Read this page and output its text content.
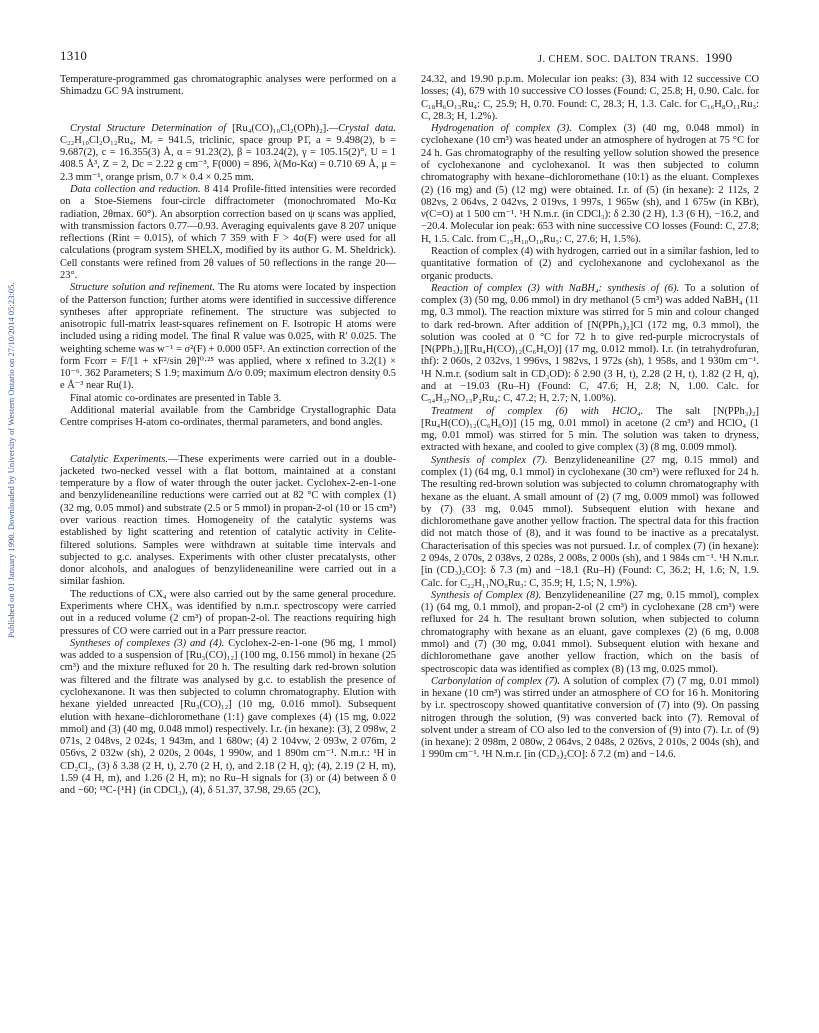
Published on 01 January 1990. Downloaded by University of Western Ontario on 27/10/2014 05:23:05.
1310	J. CHEM. SOC. DALTON TRANS. 1990

Temperature-programmed gas chromatographic analyses were performed on a Shimadzu GC 9A instrument.

Crystal Structure Determination of [Ru₄(CO)₁₀Cl₂(OPh)₂].—Crystal data. C₂₂H₁₀Cl₂O₁₂Ru₄, Mᵣ = 941.5, triclinic, space group P1̄, a = 9.498(2), b = 9.687(2), c = 16.355(3) Å, α = 91.23(2), β = 103.24(2), γ = 105.15(2)°, U = 1 408.5 Å³, Z = 2, Dc = 2.22 g cm⁻³, F(000) = 896, λ(Mo-Kα) = 0.710 69 Å, μ = 2.3 mm⁻¹, orange prism, 0.7 × 0.4 × 0.25 mm.

Data collection and reduction. 8 414 Profile-fitted intensities were recorded on a Stoe-Siemens four-circle diffractometer (monochromated Mo-Kα radiation, 2θmax. 60°). An absorption correction based on ψ scans was applied, with transmission factors 0.77—0.93. Averaging equivalents gave 8 207 unique reflections (Rint = 0.015), of which 7 359 with F > 4σ(F) were used for all calculations (program system SHELX, modified by its author G. M. Sheldrick). Cell constants were refined from 2θ values of 50 reflections in the range 20—23°.

Structure solution and refinement. The Ru atoms were located by inspection of the Patterson function; further atoms were identified in successive difference syntheses after appropriate refinement. The structure was subjected to anisotropic full-matrix least-squares refinement on F. Isotropic H atoms were included using a riding model. The final R value was 0.025, with R′ 0.025. The weighting scheme was w⁻¹ = σ²(F) + 0.000 05F². An extinction correction of the form Fcorr = F/[1 + xF²/sin 2θ]⁰·²⁵ was applied, where x refined to 3.2(1) × 10⁻⁶. 362 Parameters; S 1.9; maximum Δ/σ 0.09; maximum electron density 0.5 e Å⁻³ near Ru(1).

Final atomic co-ordinates are presented in Table 3.

Additional material available from the Cambridge Crystallographic Data Centre comprises H-atom co-ordinates, thermal parameters, and bond angles.

Catalytic Experiments.—These experiments were carried out in a double-jacketed two-necked vessel with a flat bottom, maintained at a constant temperature by a flow of water through the outer jacket. Cyclohex-2-en-1-one and benzylideneaniline reductions were carried out at 82 °C with complex (1) (32 mg, 0.05 mmol) and substrate (2.5 or 5 mmol) in propan-2-ol (10 or 15 cm³) over various reaction times. Homogeneity of the catalytic systems was established by light scattering and retention of catalytic activity in Celite-filtered solutions. Samples were withdrawn at suitable time intervals and subjected to g.c. analyses. Experiments with other cluster precatalysts, other donor alcohols, and analogues of benzylideneaniline were carried out in a similar fashion.

The reductions of CX₄ were also carried out by the same general procedure. Experiments where CHX₃ was identified by n.m.r. spectroscopy were carried out in a reduced volume (2 cm³) of propan-2-ol. The reactions requiring high pressures of CO were carried out in a Parr pressure reactor.

Syntheses of complexes (3) and (4). Cyclohex-2-en-1-one (96 mg, 1 mmol) was added to a suspension of [Ru₃(CO)₁₂] (100 mg, 0.156 mmol) in hexane (25 cm³) and the mixture refluxed for 20 h. The resulting dark red-brown solution was filtered and the filtrate was analysed by g.c. to establish the presence of cyclohexanone. It was then subjected to column chromatography. Elution with hexane yielded unreacted [Ru₃(CO)₁₂] (10 mg, 0.016 mmol). Subsequent elution with hexane–dichloromethane (1:1) gave complexes (4) (15 mg, 0.022 mmol) and (3) (40 mg, 0.048 mmol) respectively. I.r. (in hexane): (3), 2 098w, 2 071s, 2 048vs, 2 024s, 1 943m, and 1 680w; (4) 2 104vw, 2 093w, 2 076m, 2 056vs, 2 032w (sh), 2 020s, 2 004s, 1 990w, and 1 890m cm⁻¹. N.m.r.: ¹H in CD₂Cl₂, (3) δ 3.38 (2 H, t), 2.70 (2 H, t), and 2.18 (2 H, q); (4), 2.19 (2 H, m), 1.59 (4 H, m), and 1.26 (2 H, m); no Ru–H signals for (3) or (4) between δ 0 and −60; ¹³C-{¹H} (in CDCl₃), (4), δ 51.37, 37.98, 29.65 (2C),

24.32, and 19.90 p.p.m. Molecular ion peaks: (3), 834 with 12 successive CO losses; (4), 679 with 10 successive CO losses (Found: C, 25.8; H, 0.90. Calc. for C₁₈H₆O₁₃Ru₄: C, 25.9; H, 0.70. Found: C, 28.3; H, 1.3. Calc. for C₁₆H₈O₁₁Ru₃: C, 28.3; H, 1.2%).

Hydrogenation of complex (3). Complex (3) (40 mg, 0.048 mmol) in cyclohexane (10 cm³) was heated under an atmosphere of hydrogen at 75 °C for 24 h. Gas chromatography of the resulting yellow solution showed the presence of cyclohexanone and cyclohexanol. It was then subjected to column chromatography with hexane–dichloromethane (10:1) as the eluant. Complexes (2) (16 mg) and (5) (12 mg) were obtained. I.r. of (5) (in hexane): 2 112s, 2 082vs, 2 064vs, 2 042vs, 2 019vs, 1 997s, 1 965w (sh), and 1 675w (in KBr), ν(C=O) at 1 500 cm⁻¹. ¹H N.m.r. (in CDCl₃): δ 2.30 (2 H), 1.3 (6 H), −16.2, and −20.4. Molecular ion peak: 653 with nine successive CO losses (Found: C, 27.8; H, 1.5. Calc. from C₁₅H₁₀O₁₀Ru₃: C, 27.6; H, 1.5%).

Reaction of complex (4) with hydrogen, carried out in a similar fashion, led to quantitative formation of (2) and cyclohexanone and cyclohexanol as the organic products.

Reaction of complex (3) with NaBH₄: synthesis of (6). To a solution of complex (3) (50 mg, 0.06 mmol) in dry methanol (5 cm³) was added NaBH₄ (11 mg, 0.3 mmol). The reaction mixture was stirred for 5 min and colour changed to dark red-brown. After addition of [N(PPh₃)₂]Cl (172 mg, 0.3 mmol), the solution was cooled at 0 °C for 72 h to give red-purple microcrystals of [N(PPh₃)₂][Ru₄H(CO)₁₂(C₆H₆O)] (17 mg, 0.012 mmol). I.r. (in tetrahydrofuran, thf): 2 060s, 2 032vs, 1 996vs, 1 982vs, 1 972s (sh), 1 958s, and 1 930m cm⁻¹. ¹H N.m.r. (sodium salt in CD₃OD): δ 2.90 (3 H, t), 2.28 (2 H, t), 1.82 (2 H, q), and at −19.03 (Ru–H) (Found: C, 47.6; H, 2.8; N, 1.00. Calc. for C₅₄H₃₇NO₁₃P₂Ru₄: C, 47.2; H, 2.7; N, 1.00%).

Treatment of complex (6) with HClO₄. The salt [N(PPh₃)₂][Ru₄H(CO)₁₂(C₆H₆O)] (15 mg, 0.01 mmol) in acetone (2 cm³) and HClO₄ (1 mg, 0.01 mmol) was stirred for 5 min. The solution was taken to dryness, extracted with hexane, and cooled to give complex (3) (8 mg, 0.009 mmol).

Synthesis of complex (7). Benzylideneaniline (27 mg, 0.15 mmol) and complex (1) (64 mg, 0.1 mmol) in cyclohexane (30 cm³) were refluxed for 24 h. The resulting red-brown solution was subjected to column chromatography with hexane as the eluant. A small amount of (2) (7 mg, 0.009 mmol) was followed by (7) (33 mg, 0.045 mmol). Subsequent elution with hexane and dichloromethane gave another yellow fraction. The spectral data for this fraction did not match those of (8), and it was found to be inactive as a precatalyst. Characterisation of this species was not pursued. I.r. of complex (7) (in hexane): 2 094s, 2 070s, 2 038vs, 2 028s, 2 008s, 2 000s (sh), and 1 984s cm⁻¹. ¹H N.m.r. [in (CD₃)₂CO]: δ 7.3 (m) and −18.1 (Ru–H) (Found: C, 36.2; H, 1.6; N, 1.9. Calc. for C₂₂H₁₁NO₉Ru₃: C, 35.9; H, 1.5; N, 1.9%).

Synthesis of Complex (8). Benzylideneaniline (27 mg, 0.15 mmol), complex (1) (64 mg, 0.1 mmol), and propan-2-ol (2 cm³) in cyclohexane (28 cm³) were refluxed for 24 h. The resultant brown solution, when subjected to column chromatography with hexane as an eluant, gave complexes (2) (6 mg, 0.008 mmol) and (7) (30 mg, 0.041 mmol). Subsequent elution with hexane and dichloromethane gave another yellow fraction, which on the basis of spectroscopic data was identified as complex (8) (13 mg, 0.025 mmol).

Carbonylation of complex (7). A solution of complex (7) (7 mg, 0.01 mmol) in hexane (10 cm³) was stirred under an atmosphere of CO for 16 h. Monitoring by i.r. spectroscopy showed quantitative conversion of (7) into (9). On passing nitrogen through the solution, (9) was converted back into (7). Removal of solvent under a stream of CO also led to the conversion of (9) into (7). I.r. of (9) (in hexane): 2 098m, 2 080w, 2 064vs, 2 048s, 2 026vs, 2 010s, 2 004s (sh), and 1 990m cm⁻¹. ¹H N.m.r. [in (CD₃)₂CO]: δ 7.2 (m) and −14.6.
